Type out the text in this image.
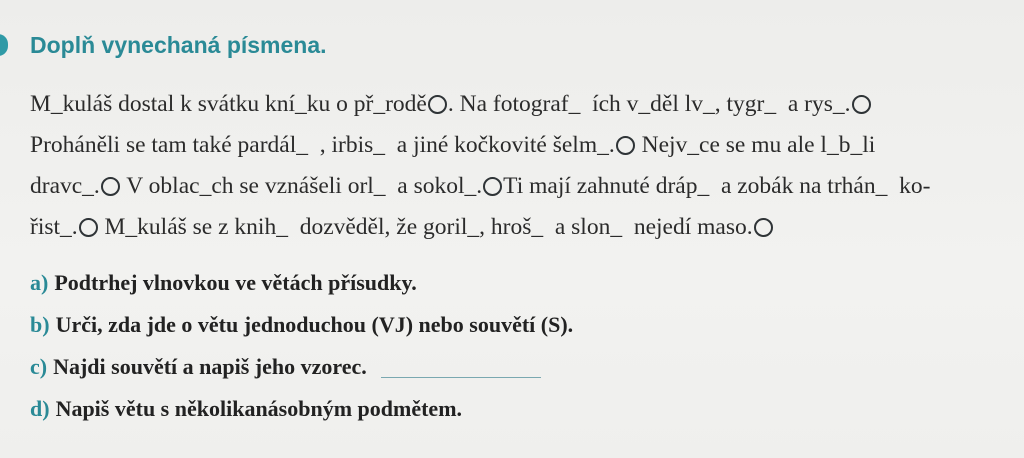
Doplň vynechaná písmena.
M_kuláš dostal k svátku kní_ku o př_rodě . Na fotograf_  ích v_děl lv_, tygr_  a rys_.
Proháněli se tam také pardál_  , irbis_  a jiné kočkovité šelm_. Nejv_ce se mu ale l_b_li
dravc_. V oblac_ch se vznášeli orl_  a sokol_. Ti mají zahnuté dráp_  a zobák na trhán_  ko-
řist_. M_kuláš se z knih_  dozvěděl, že goril_, hroš_  a slon_  nejedí maso.
a) Podtrhej vlnovkou ve větách přísudky.
b) Urči, zda jde o větu jednoduchou (VJ) nebo souvětí (S).
c) Najdi souvětí a napiš jeho vzorec.
d) Napiš větu s několikanásobným podmětem.
